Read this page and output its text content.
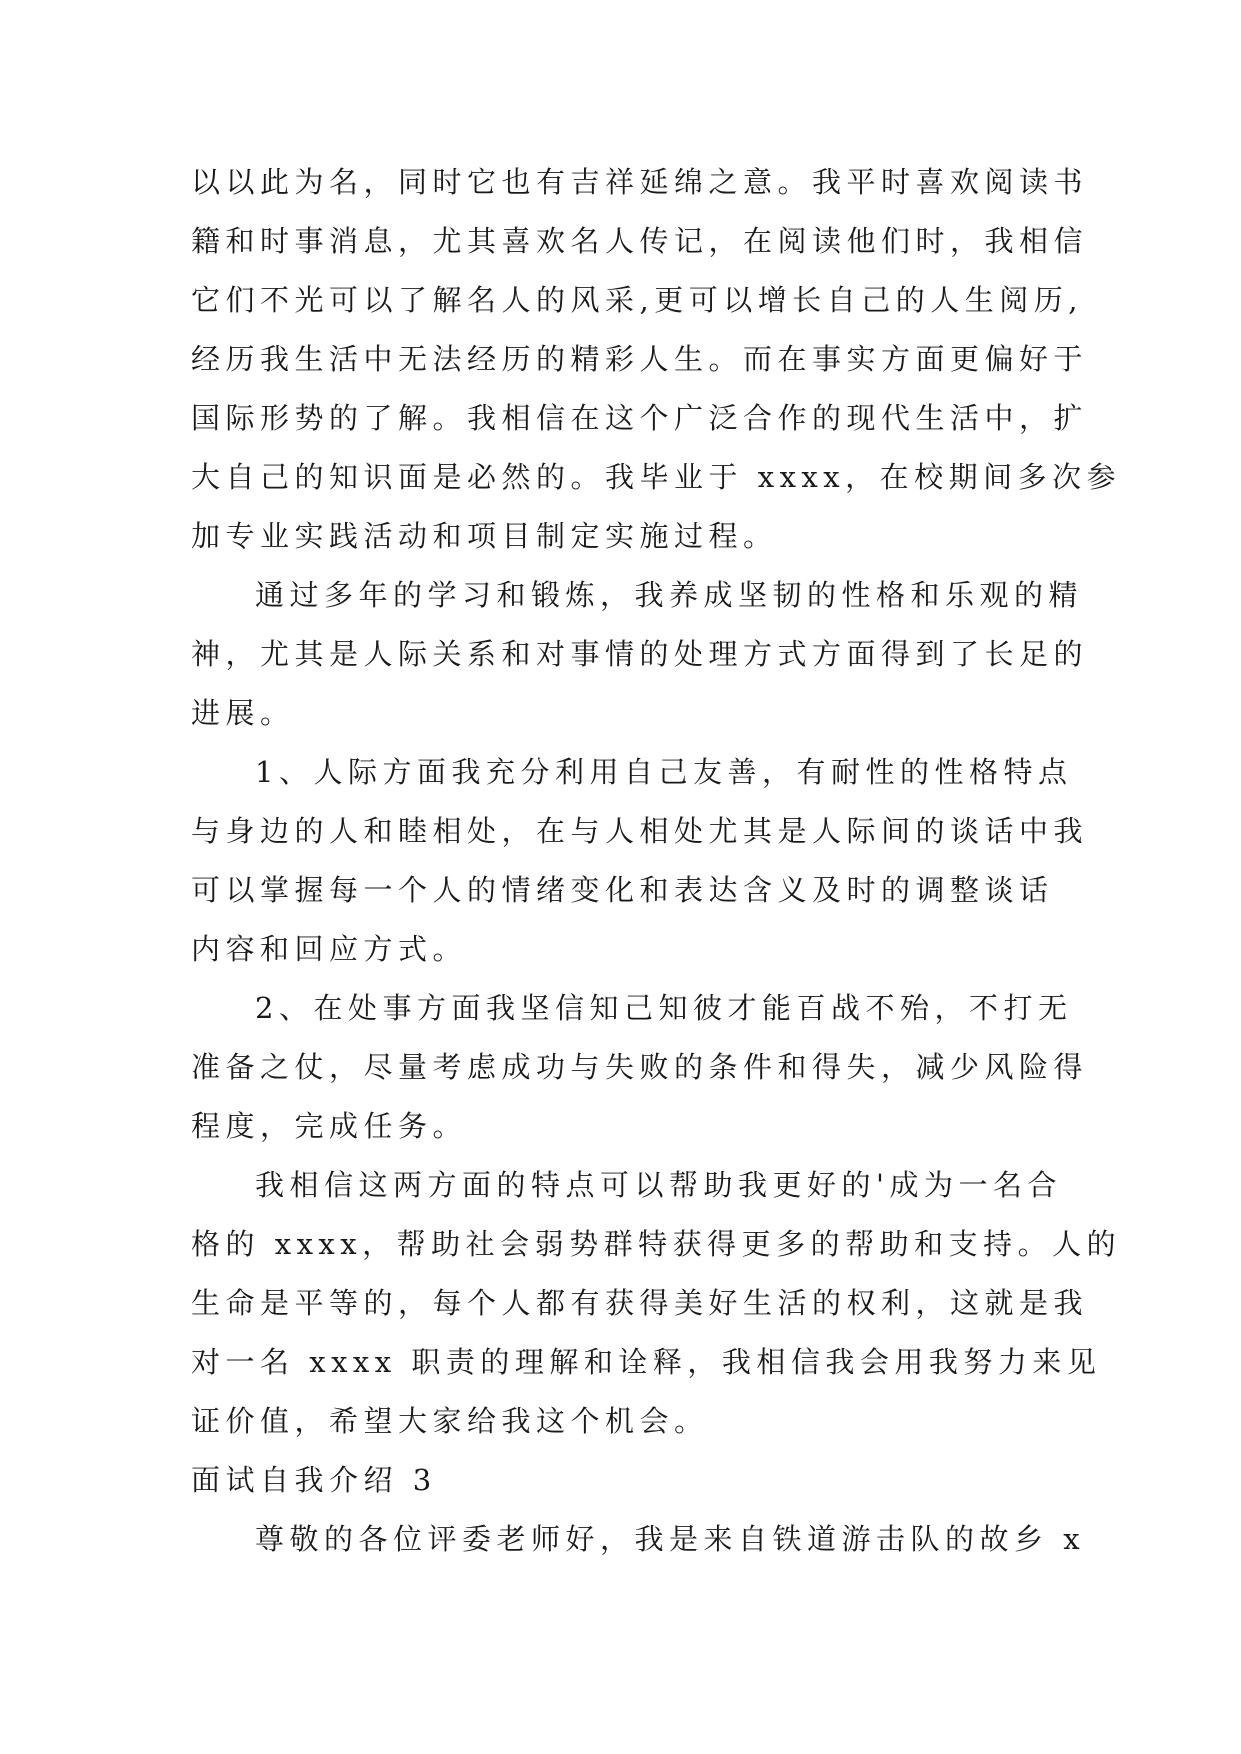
以以此为名，同时它也有吉祥延绵之意。我平时喜欢阅读书
籍和时事消息，尤其喜欢名人传记，在阅读他们时，我相信
它们不光可以了解名人的风采,更可以增长自己的人生阅历,
经历我生活中无法经历的精彩人生。而在事实方面更偏好于
国际形势的了解。我相信在这个广泛合作的现代生活中，扩
大自己的知识面是必然的。我毕业于 xxxx，在校期间多次参
加专业实践活动和项目制定实施过程。
通过多年的学习和锻炼，我养成坚韧的性格和乐观的精
神，尤其是人际关系和对事情的处理方式方面得到了长足的
进展。
1、人际方面我充分利用自己友善，有耐性的性格特点
与身边的人和睦相处，在与人相处尤其是人际间的谈话中我
可以掌握每一个人的情绪变化和表达含义及时的调整谈话
内容和回应方式。
2、在处事方面我坚信知己知彼才能百战不殆，不打无
准备之仗，尽量考虑成功与失败的条件和得失，减少风险得
程度，完成任务。
我相信这两方面的特点可以帮助我更好的'成为一名合
格的 xxxx，帮助社会弱势群特获得更多的帮助和支持。人的
生命是平等的，每个人都有获得美好生活的权利，这就是我
对一名 xxxx 职责的理解和诠释，我相信我会用我努力来见
证价值，希望大家给我这个机会。
面试自我介绍 3
尊敬的各位评委老师好，我是来自铁道游击队的故乡 x
